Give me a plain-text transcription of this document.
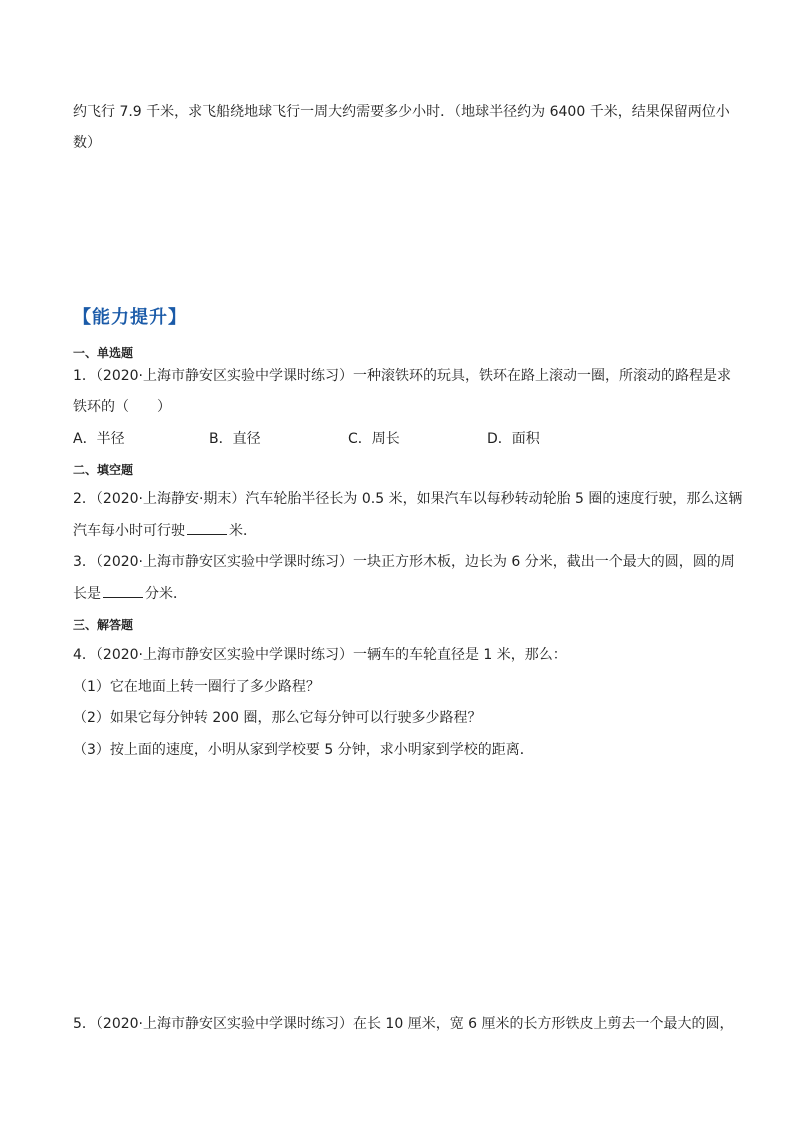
约飞行 7.9 千米，求飞船绕地球飞行一周大约需要多少小时．（地球半径约为 6400 千米，结果保留两位小
数）
【能力提升】
一、单选题
1．（2020·上海市静安区实验中学课时练习）一种滚铁环的玩具，铁环在路上滚动一圈，所滚动的路程是求
铁环的（　　）
A．半径	B．直径	C．周长	D．面积
二、填空题
2．（2020·上海静安·期末）汽车轮胎半径长为 0.5 米，如果汽车以每秒转动轮胎 5 圈的速度行驶，那么这辆
汽车每小时可行驶	米．
3．（2020·上海市静安区实验中学课时练习）一块正方形木板，边长为 6 分米，截出一个最大的圆，圆的周
长是	分米．
三、解答题
4．（2020·上海市静安区实验中学课时练习）一辆车的车轮直径是 1 米，那么：
（1）它在地面上转一圈行了多少路程？
（2）如果它每分钟转 200 圈，那么它每分钟可以行驶多少路程？
（3）按上面的速度，小明从家到学校要 5 分钟，求小明家到学校的距离．
5．（2020·上海市静安区实验中学课时练习）在长 10 厘米，宽 6 厘米的长方形铁皮上剪去一个最大的圆，
